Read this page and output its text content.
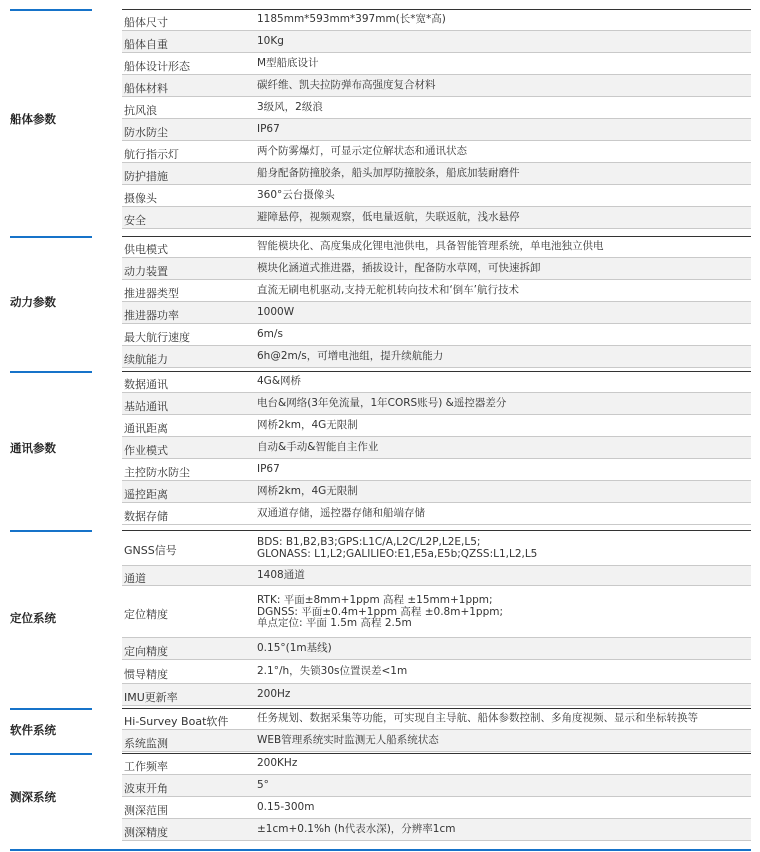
船体参数
船体尺寸	1185mm*593mm*397mm(长*宽*高)
船体自重	10Kg
船体设计形态	M型船底设计
船体材料	碳纤维、凯夫拉防弹布高强度复合材料
抗风浪	3级风，2级浪
防水防尘	IP67
航行指示灯	两个防雾爆灯，可显示定位解状态和通讯状态
防护措施	船身配备防撞胶条，船头加厚防撞胶条，船底加装耐磨件
摄像头	360°云台摄像头
安全	避障悬停，视频观察，低电量返航，失联返航，浅水悬停
动力参数
供电模式	智能模块化、高度集成化锂电池供电，具备智能管理系统，单电池独立供电
动力装置	模块化涵道式推进器，插拔设计，配备防水草网，可快速拆卸
推进器类型	直流无刷电机驱动,支持无舵机转向技术和‘倒车’航行技术
推进器功率	1000W
最大航行速度	6m/s
续航能力	6h@2m/s，可增电池组，提升续航能力
通讯参数
数据通讯	4G&网桥
基站通讯	电台&网络(3年免流量，1年CORS账号) &遥控器差分
通讯距离	网桥2km，4G无限制
作业模式	自动&手动&智能自主作业
主控防水防尘	IP67
遥控距离	网桥2km，4G无限制
数据存储	双通道存储，遥控器存储和船端存储
定位系统
GNSS信号
BDS: B1,B2,B3;GPS:L1C/A,L2C/L2P,L2E,L5;
GLONASS: L1,L2;GALILIEO:E1,E5a,E5b;QZSS:L1,L2,L5
通道	1408通道
定位精度
RTK: 平面±8mm+1ppm 高程 ±15mm+1ppm;
DGNSS: 平面±0.4m+1ppm 高程 ±0.8m+1ppm;
单点定位: 平面 1.5m 高程 2.5m
定向精度	0.15°(1m基线)
惯导精度	2.1°/h，失锁30s位置误差<1m
IMU更新率	200Hz
软件系统
Hi-Survey Boat软件	任务规划、数据采集等功能，可实现自主导航、船体参数控制、多角度视频、显示和坐标转换等
系统监测	WEB管理系统实时监测无人船系统状态
测深系统
工作频率	200KHz
波束开角	5°
测深范围	0.15-300m
测深精度	±1cm+0.1%h (h代表水深)，分辨率1cm
